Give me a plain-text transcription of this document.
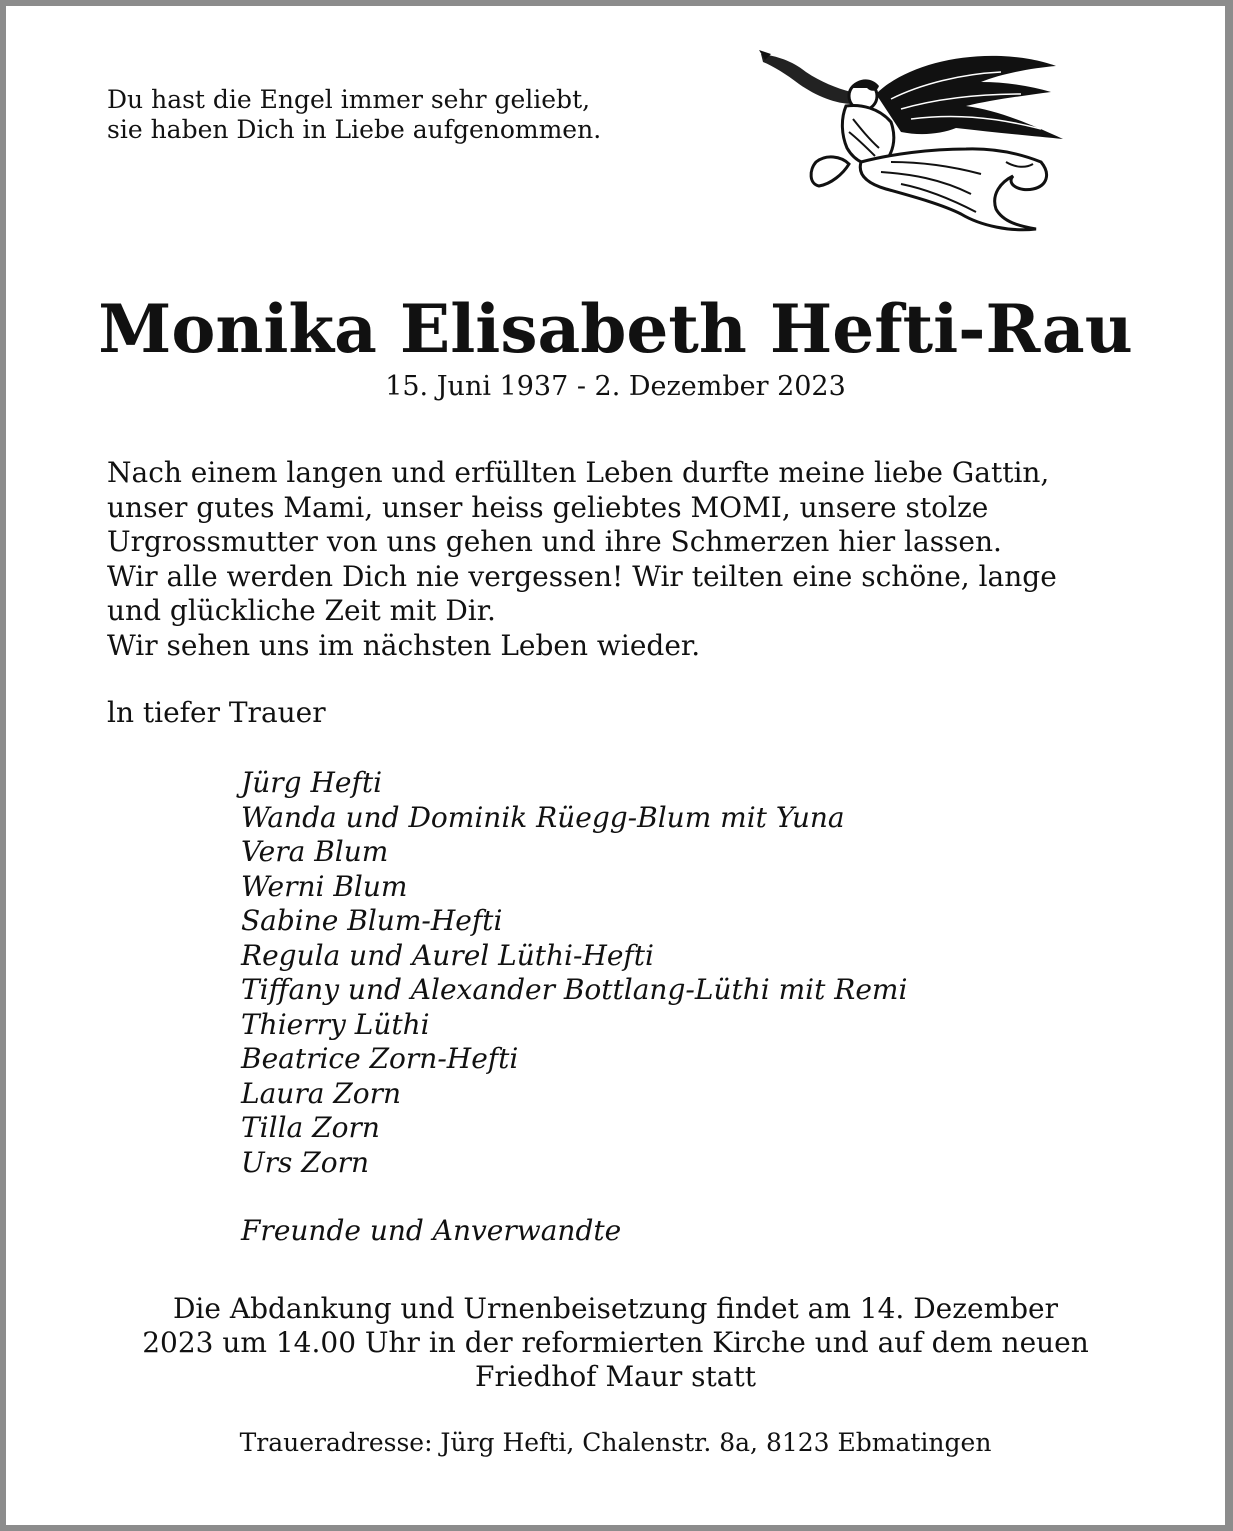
Du hast die Engel immer sehr geliebt,
sie haben Dich in Liebe aufgenommen.
Monika Elisabeth Hefti-Rau
15. Juni 1937 - 2. Dezember 2023
Nach einem langen und erfüllten Leben durfte meine liebe Gattin,
unser gutes Mami, unser heiss geliebtes MOMI, unsere stolze
Urgrossmutter von uns gehen und ihre Schmerzen hier lassen.
Wir alle werden Dich nie vergessen! Wir teilten eine schöne, lange
und glückliche Zeit mit Dir.
Wir sehen uns im nächsten Leben wieder.
ln tiefer Trauer
Jürg Hefti
Wanda und Dominik Rüegg-Blum mit Yuna
Vera Blum
Werni Blum
Sabine Blum-Hefti
Regula und Aurel Lüthi-Hefti
Tiffany und Alexander Bottlang-Lüthi mit Remi
Thierry Lüthi
Beatrice Zorn-Hefti
Laura Zorn
Tilla Zorn
Urs Zorn
Freunde und Anverwandte
Die Abdankung und Urnenbeisetzung findet am 14. Dezember
2023 um 14.00 Uhr in der reformierten Kirche und auf dem neuen
Friedhof Maur statt
Traueradresse: Jürg Hefti, Chalenstr. 8a, 8123 Ebmatingen
